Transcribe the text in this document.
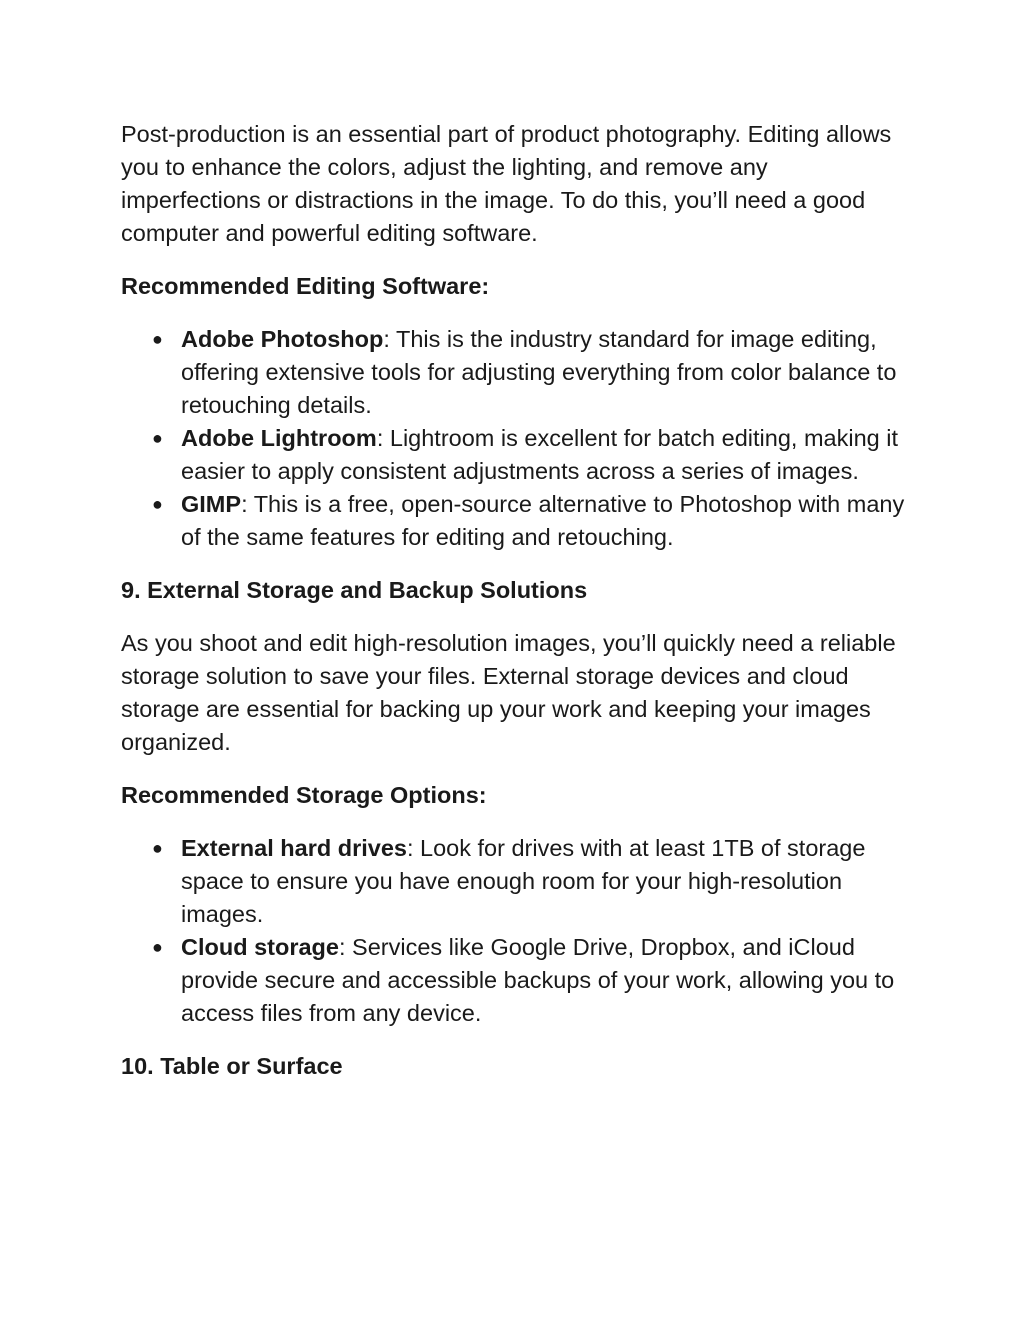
Post-production is an essential part of product photography. Editing allows you to enhance the colors, adjust the lighting, and remove any imperfections or distractions in the image. To do this, you’ll need a good computer and powerful editing software.

Recommended Editing Software:

● Adobe Photoshop: This is the industry standard for image editing, offering extensive tools for adjusting everything from color balance to retouching details.
● Adobe Lightroom: Lightroom is excellent for batch editing, making it easier to apply consistent adjustments across a series of images.
● GIMP: This is a free, open-source alternative to Photoshop with many of the same features for editing and retouching.

9. External Storage and Backup Solutions

As you shoot and edit high-resolution images, you’ll quickly need a reliable storage solution to save your files. External storage devices and cloud storage are essential for backing up your work and keeping your images organized.

Recommended Storage Options:

● External hard drives: Look for drives with at least 1TB of storage space to ensure you have enough room for your high-resolution images.
● Cloud storage: Services like Google Drive, Dropbox, and iCloud provide secure and accessible backups of your work, allowing you to access files from any device.

10. Table or Surface
